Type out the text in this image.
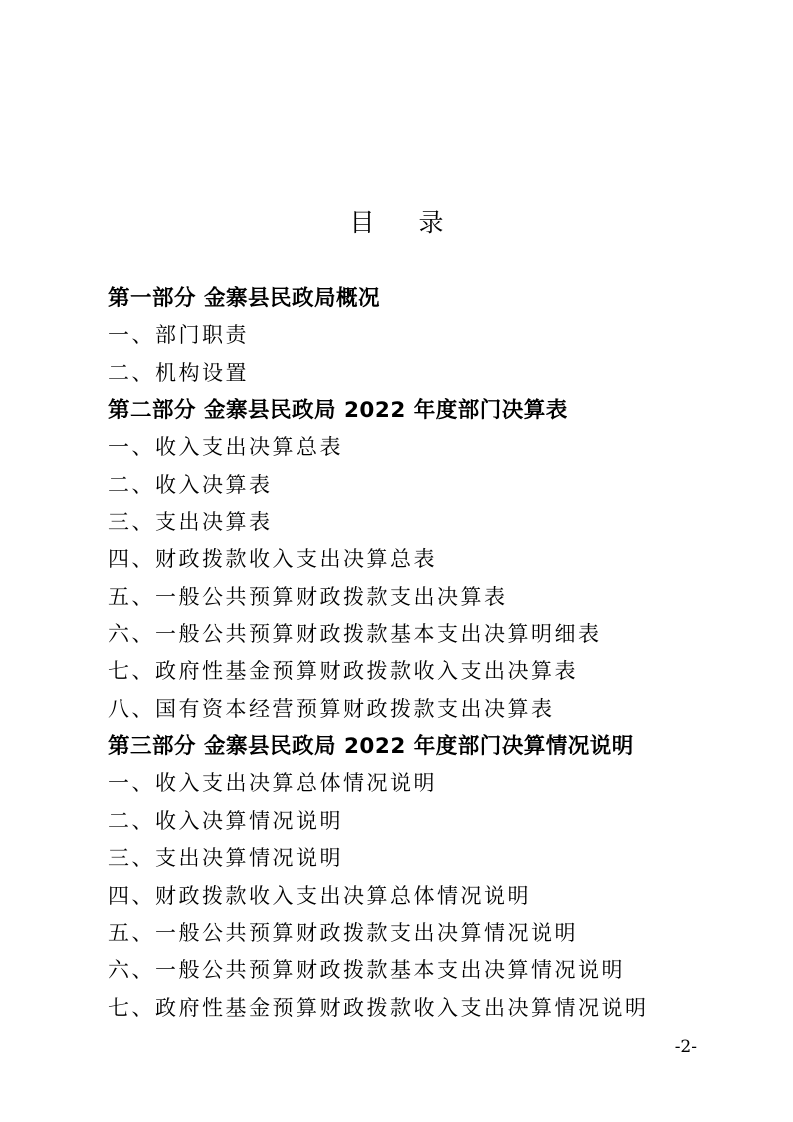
目 录
第一部分 金寨县民政局概况
一、部门职责
二、机构设置
第二部分 金寨县民政局 2022 年度部门决算表
一、收入支出决算总表
二、收入决算表
三、支出决算表
四、财政拨款收入支出决算总表
五、一般公共预算财政拨款支出决算表
六、一般公共预算财政拨款基本支出决算明细表
七、政府性基金预算财政拨款收入支出决算表
八、国有资本经营预算财政拨款支出决算表
第三部分 金寨县民政局 2022 年度部门决算情况说明
一、收入支出决算总体情况说明
二、收入决算情况说明
三、支出决算情况说明
四、财政拨款收入支出决算总体情况说明
五、一般公共预算财政拨款支出决算情况说明
六、一般公共预算财政拨款基本支出决算情况说明
七、政府性基金预算财政拨款收入支出决算情况说明
-2-
